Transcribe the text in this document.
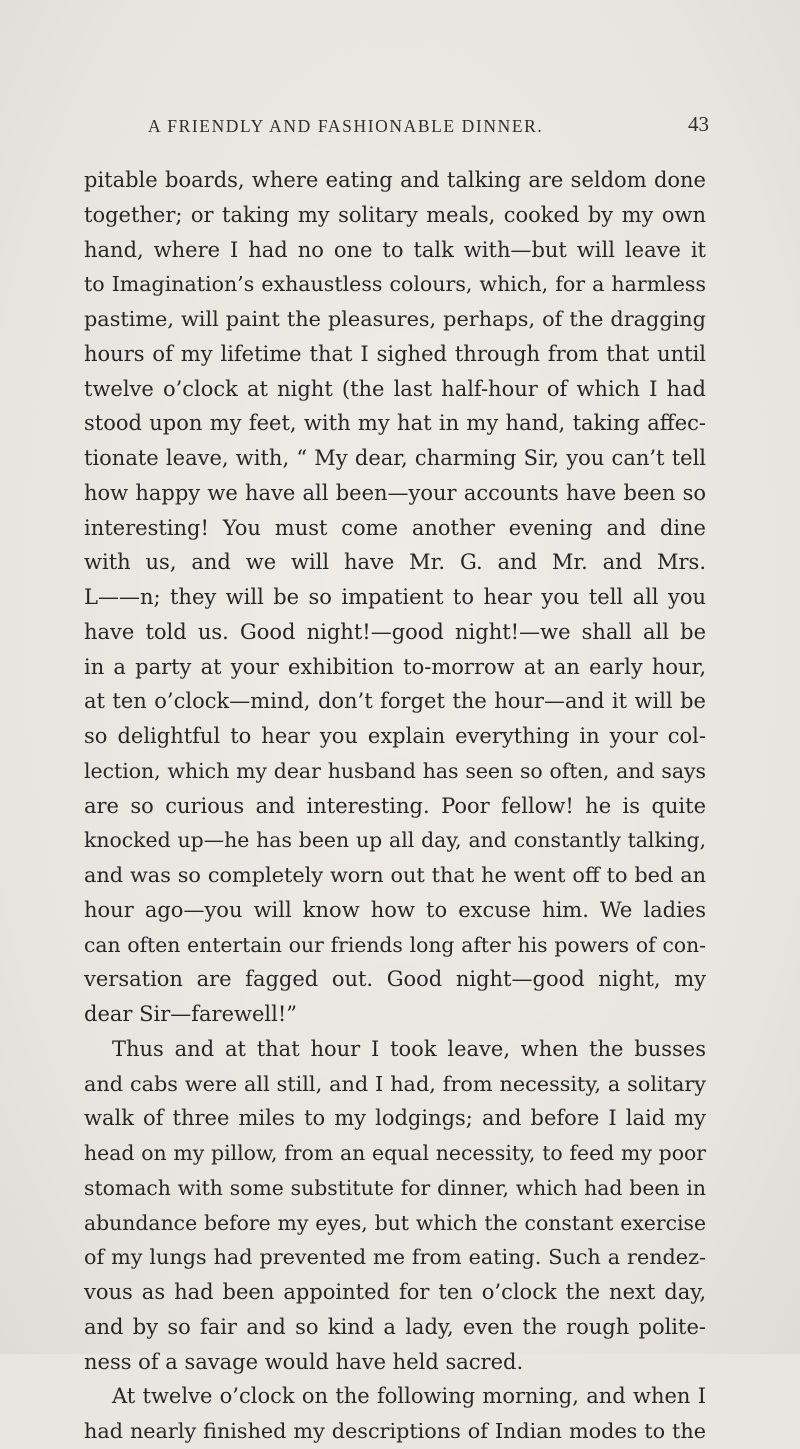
A FRIENDLY AND FASHIONABLE DINNER.	43
pitable boards, where eating and talking are seldom done
together; or taking my solitary meals, cooked by my own
hand, where I had no one to talk with—but will leave it
to Imagination’s exhaustless colours, which, for a harmless
pastime, will paint the pleasures, perhaps, of the dragging
hours of my lifetime that I sighed through from that until
twelve o’clock at night (the last half-hour of which I had
stood upon my feet, with my hat in my hand, taking affec-
tionate leave, with, “ My dear, charming Sir, you can’t tell
how happy we have all been—your accounts have been so
interesting! You must come another evening and dine
with us, and we will have Mr. G. and Mr. and Mrs.
L——n; they will be so impatient to hear you tell all you
have told us. Good night!—good night!—we shall all be
in a party at your exhibition to-morrow at an early hour,
at ten o’clock—mind, don’t forget the hour—and it will be
so delightful to hear you explain everything in your col-
lection, which my dear husband has seen so often, and says
are so curious and interesting. Poor fellow! he is quite
knocked up—he has been up all day, and constantly talking,
and was so completely worn out that he went off to bed an
hour ago—you will know how to excuse him. We ladies
can often entertain our friends long after his powers of con-
versation are fagged out. Good night—good night, my
dear Sir—farewell!”
Thus and at that hour I took leave, when the busses
and cabs were all still, and I had, from necessity, a solitary
walk of three miles to my lodgings; and before I laid my
head on my pillow, from an equal necessity, to feed my poor
stomach with some substitute for dinner, which had been in
abundance before my eyes, but which the constant exercise
of my lungs had prevented me from eating. Such a rendez-
vous as had been appointed for ten o’clock the next day,
and by so fair and so kind a lady, even the rough polite-
ness of a savage would have held sacred.
At twelve o’clock on the following morning, and when I
had nearly finished my descriptions of Indian modes to the
